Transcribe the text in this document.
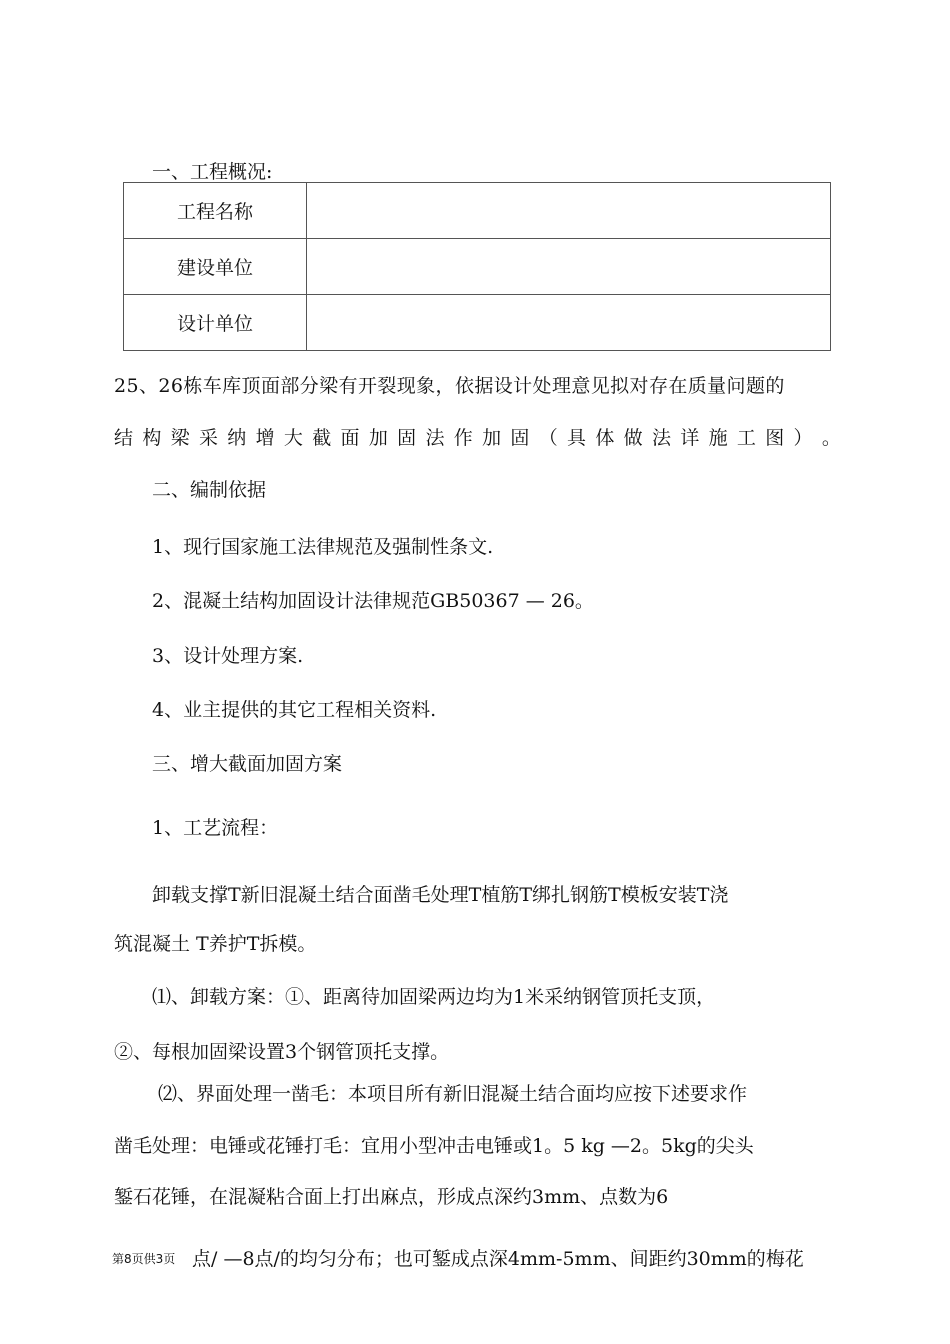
一、工程概况:
工程名称	
建设单位	
设计单位	
25、26栋车库顶面部分梁有开裂现象，依据设计处理意见拟对存在质量问题的
结 构 梁 采 纳 增 大 截 面 加 固 法 作 加 固 （ 具 体 做 法 详 施 工 图 ） 。
二、编制依据
1、现行国家施工法律规范及强制性条文.
2、混凝土结构加固设计法律规范GB50367 — 26。
3、设计处理方案.
4、业主提供的其它工程相关资料.
三、增大截面加固方案
1、工艺流程：
卸载支撑T新旧混凝土结合面凿毛处理T植筋T绑扎钢筋T模板安装T浇
筑混凝土 T养护T拆模。
⑴、卸载方案：①、距离待加固梁两边均为1米采纳钢管顶托支顶，
②、每根加固梁设置3个钢管顶托支撑。
⑵、界面处理一凿毛：本项目所有新旧混凝土结合面均应按下述要求作
凿毛处理：电锤或花锤打毛：宜用小型冲击电锤或1。5 kg —2。5kg的尖头
錾石花锤，在混凝粘合面上打出麻点，形成点深约3mm、点数为6
第8页供3页 点/ —8点/的均匀分布；也可錾成点深4mm-5mm、间距约30mm的梅花
